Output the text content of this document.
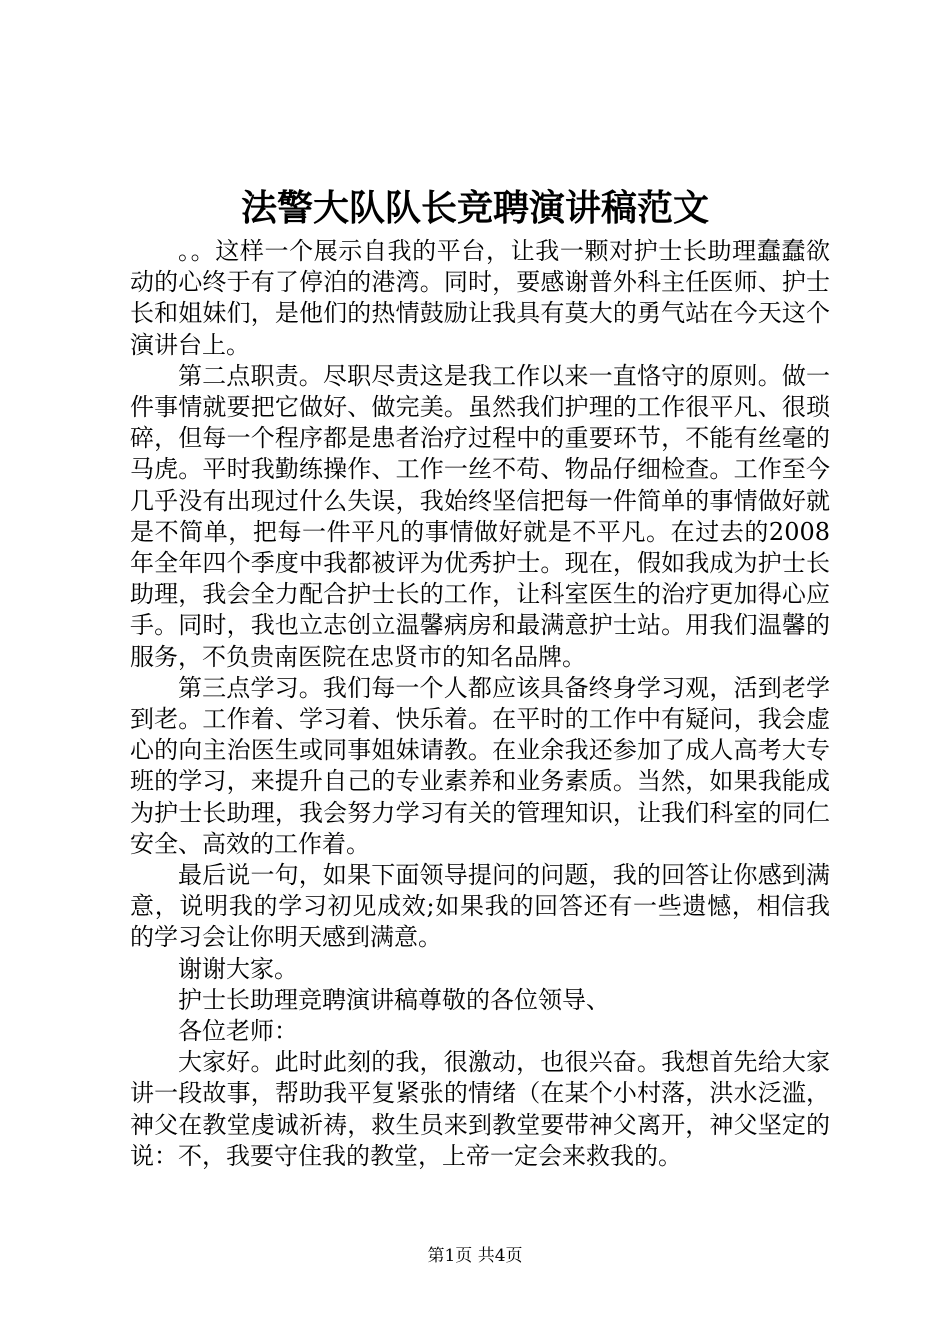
法警大队队长竞聘演讲稿范文

。。这样一个展示自我的平台，让我一颗对护士长助理蠢蠢欲动的心终于有了停泊的港湾。同时，要感谢普外科主任医师、护士长和姐妹们，是他们的热情鼓励让我具有莫大的勇气站在今天这个演讲台上。

第二点职责。尽职尽责这是我工作以来一直恪守的原则。做一件事情就要把它做好、做完美。虽然我们护理的工作很平凡、很琐碎，但每一个程序都是患者治疗过程中的重要环节，不能有丝毫的马虎。平时我勤练操作、工作一丝不苟、物品仔细检查。工作至今几乎没有出现过什么失误，我始终坚信把每一件简单的事情做好就是不简单，把每一件平凡的事情做好就是不平凡。在过去的2008年全年四个季度中我都被评为优秀护士。现在，假如我成为护士长助理，我会全力配合护士长的工作，让科室医生的治疗更加得心应手。同时，我也立志创立温馨病房和最满意护士站。用我们温馨的服务，不负贵南医院在忠贤市的知名品牌。

第三点学习。我们每一个人都应该具备终身学习观，活到老学到老。工作着、学习着、快乐着。在平时的工作中有疑问，我会虚心的向主治医生或同事姐妹请教。在业余我还参加了成人高考大专班的学习，来提升自己的专业素养和业务素质。当然，如果我能成为护士长助理，我会努力学习有关的管理知识，让我们科室的同仁安全、高效的工作着。

最后说一句，如果下面领导提问的问题，我的回答让你感到满意，说明我的学习初见成效;如果我的回答还有一些遗憾，相信我的学习会让你明天感到满意。

谢谢大家。

护士长助理竞聘演讲稿尊敬的各位领导、

各位老师：

大家好。此时此刻的我，很激动，也很兴奋。我想首先给大家讲一段故事，帮助我平复紧张的情绪（在某个小村落，洪水泛滥，神父在教堂虔诚祈祷，救生员来到教堂要带神父离开，神父坚定的说：不，我要守住我的教堂，上帝一定会来救我的。

第1页 共4页
